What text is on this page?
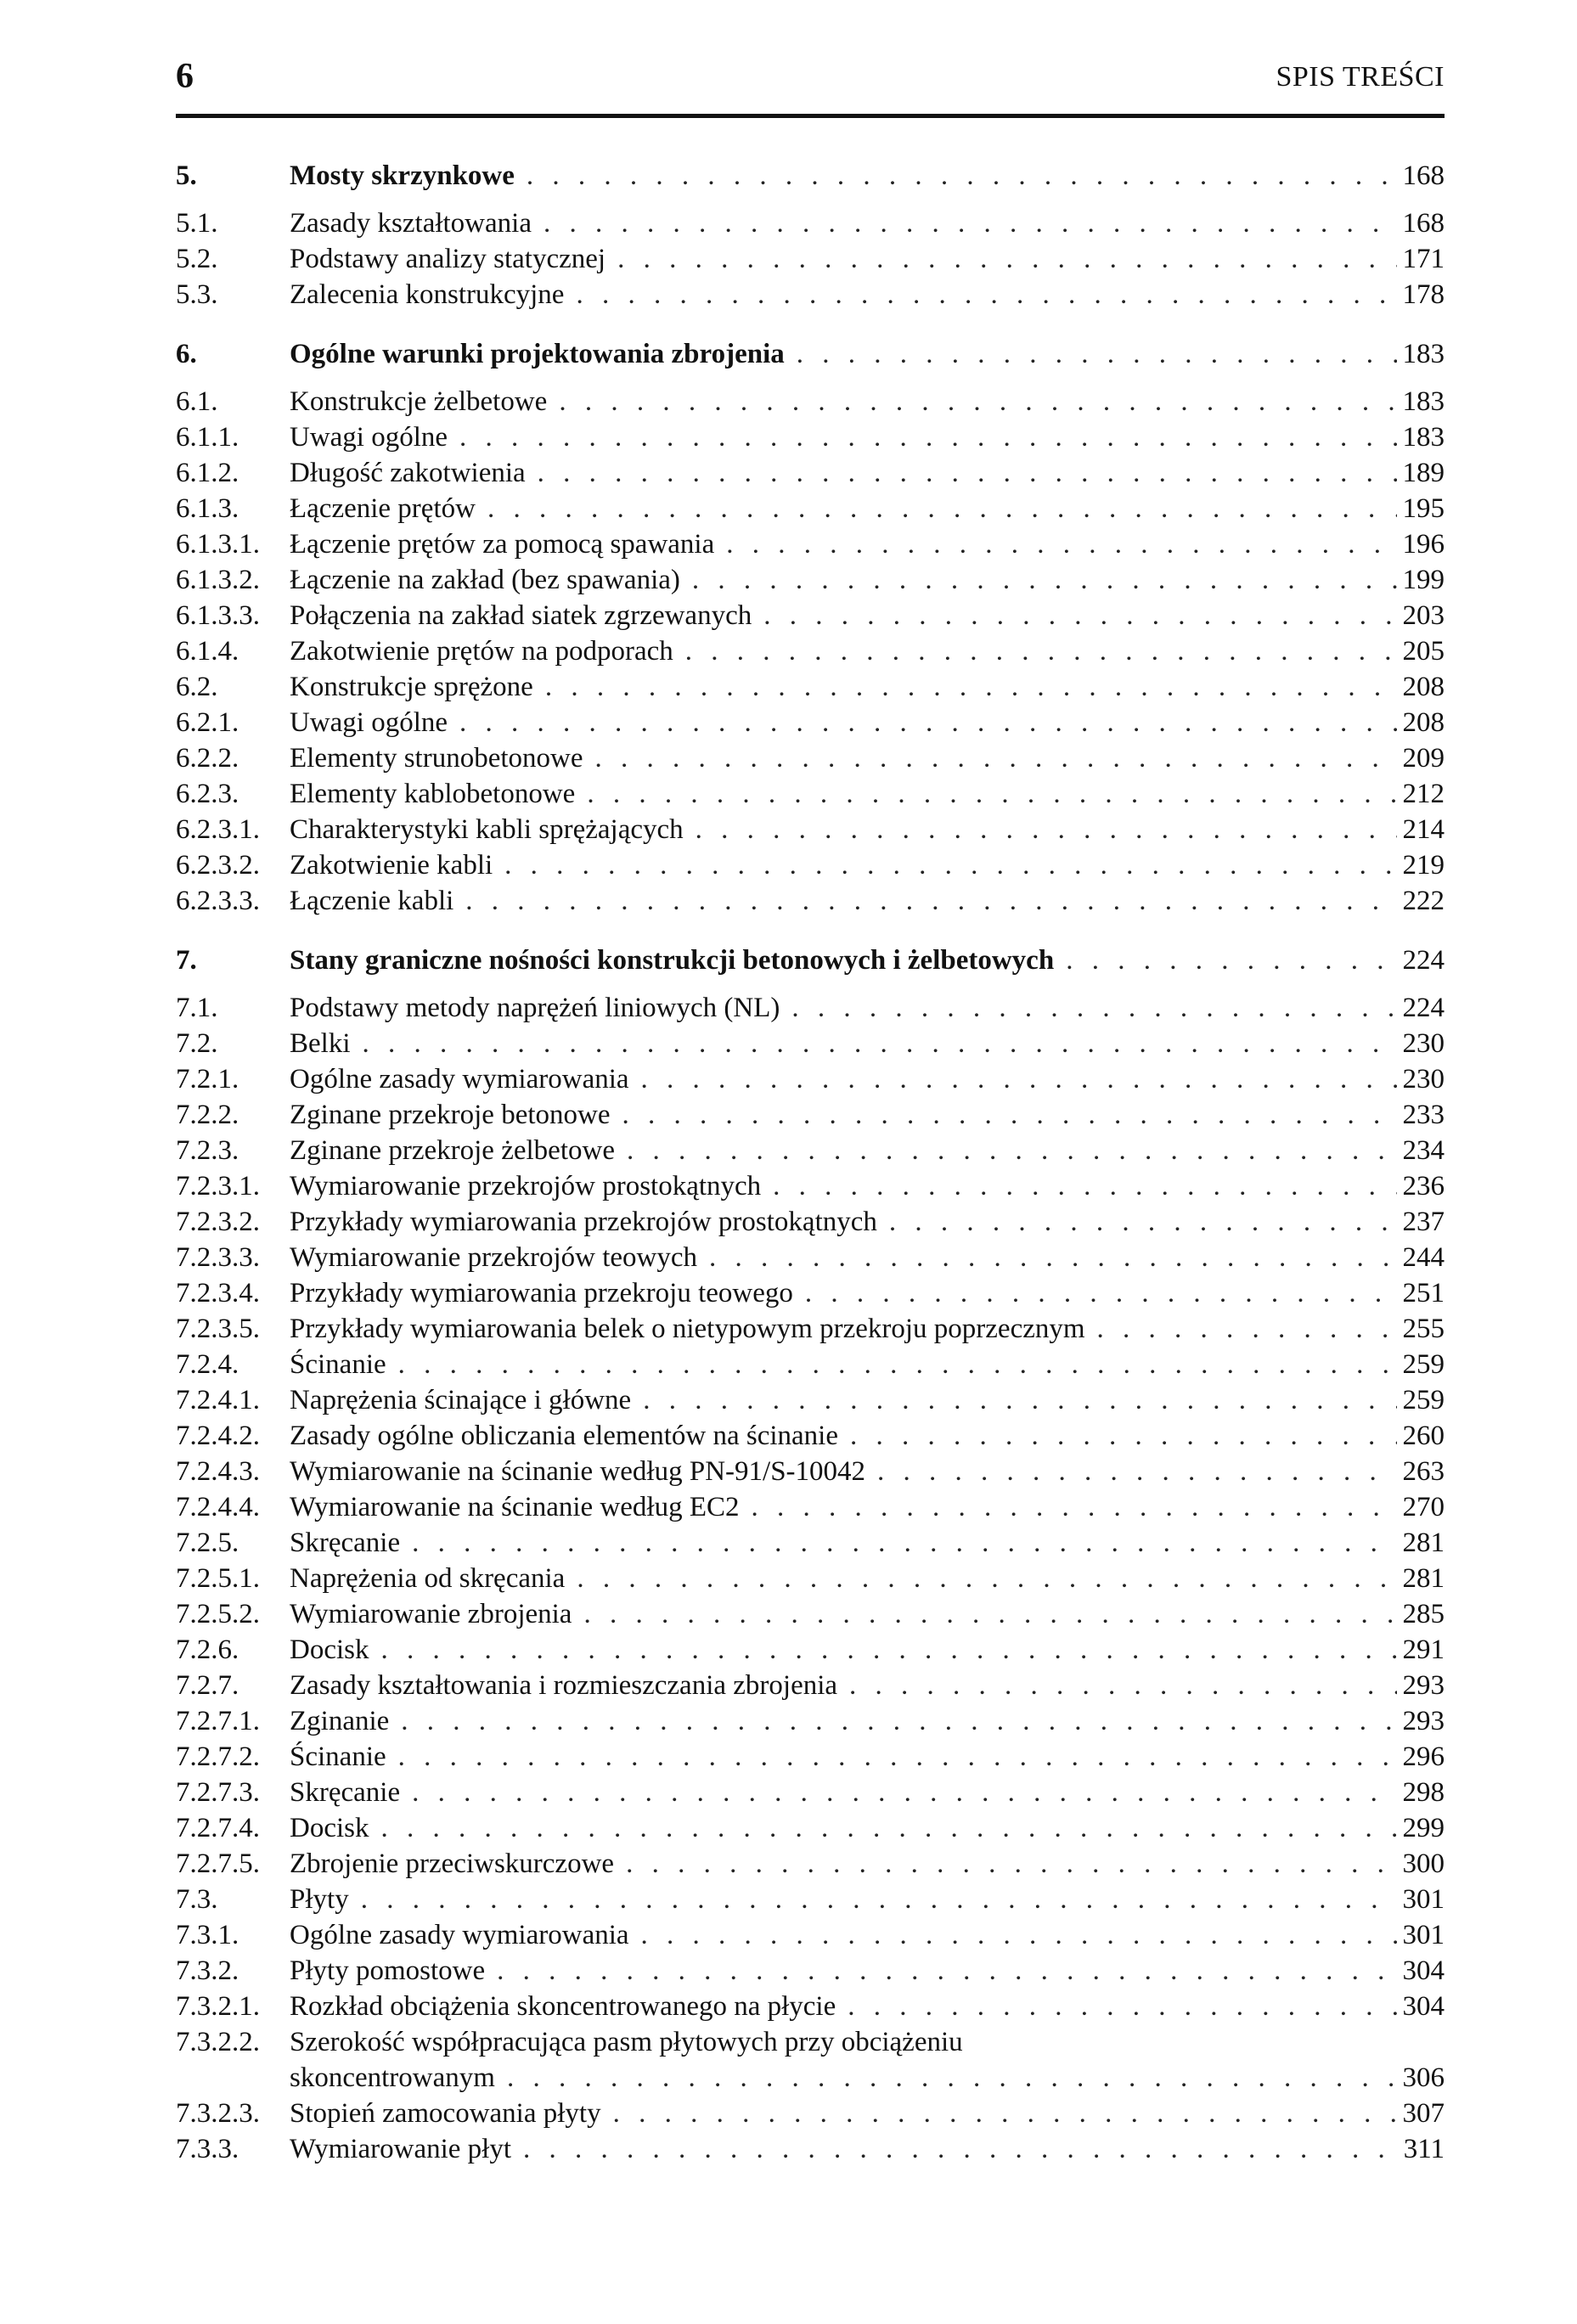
6	SPIS TREŚCI
5.	Mosty skrzynkowe . . .	168
5.1.	Zasady kształtowania . . .	168
5.2.	Podstawy analizy statycznej . . .	171
5.3.	Zalecenia konstrukcyjne . . .	178
6.	Ogólne warunki projektowania zbrojenia . . .	183
6.1.	Konstrukcje żelbetowe . . .	183
6.1.1.	Uwagi ogólne . . .	183
6.1.2.	Długość zakotwienia . . .	189
6.1.3.	Łączenie prętów . . .	195
6.1.3.1.	Łączenie prętów za pomocą spawania . . .	196
6.1.3.2.	Łączenie na zakład (bez spawania) . . .	199
6.1.3.3.	Połączenia na zakład siatek zgrzewanych . . .	203
6.1.4.	Zakotwienie prętów na podporach . . .	205
6.2.	Konstrukcje sprężone . . .	208
6.2.1.	Uwagi ogólne . . .	208
6.2.2.	Elementy strunobetonowe . . .	209
6.2.3.	Elementy kablobetonowe . . .	212
6.2.3.1.	Charakterystyki kabli sprężających . . .	214
6.2.3.2.	Zakotwienie kabli . . .	219
6.2.3.3.	Łączenie kabli . . .	222
7.	Stany graniczne nośności konstrukcji betonowych i żelbetowych . . .	224
7.1.	Podstawy metody naprężeń liniowych (NL) . . .	224
7.2.	Belki . . .	230
7.2.1.	Ogólne zasady wymiarowania . . .	230
7.2.2.	Zginane przekroje betonowe . . .	233
7.2.3.	Zginane przekroje żelbetowe . . .	234
7.2.3.1.	Wymiarowanie przekrojów prostokątnych . . .	236
7.2.3.2.	Przykłady wymiarowania przekrojów prostokątnych . . .	237
7.2.3.3.	Wymiarowanie przekrojów teowych . . .	244
7.2.3.4.	Przykłady wymiarowania przekroju teowego . . .	251
7.2.3.5.	Przykłady wymiarowania belek o nietypowym przekroju poprzecznym . . .	255
7.2.4.	Ścinanie . . .	259
7.2.4.1.	Naprężenia ścinające i główne . . .	259
7.2.4.2.	Zasady ogólne obliczania elementów na ścinanie . . .	260
7.2.4.3.	Wymiarowanie na ścinanie według PN-91/S-10042 . . .	263
7.2.4.4.	Wymiarowanie na ścinanie według EC2 . . .	270
7.2.5.	Skręcanie . . .	281
7.2.5.1.	Naprężenia od skręcania . . .	281
7.2.5.2.	Wymiarowanie zbrojenia . . .	285
7.2.6.	Docisk . . .	291
7.2.7.	Zasady kształtowania i rozmieszczania zbrojenia . . .	293
7.2.7.1.	Zginanie . . .	293
7.2.7.2.	Ścinanie . . .	296
7.2.7.3.	Skręcanie . . .	298
7.2.7.4.	Docisk . . .	299
7.2.7.5.	Zbrojenie przeciwskurczowe . . .	300
7.3.	Płyty . . .	301
7.3.1.	Ogólne zasady wymiarowania . . .	301
7.3.2.	Płyty pomostowe . . .	304
7.3.2.1.	Rozkład obciążenia skoncentrowanego na płycie . . .	304
7.3.2.2.	Szerokość współpracująca pasm płytowych przy obciążeniu
skoncentrowanym . . .	306
7.3.2.3.	Stopień zamocowania płyty . . .	307
7.3.3.	Wymiarowanie płyt . . .	311
